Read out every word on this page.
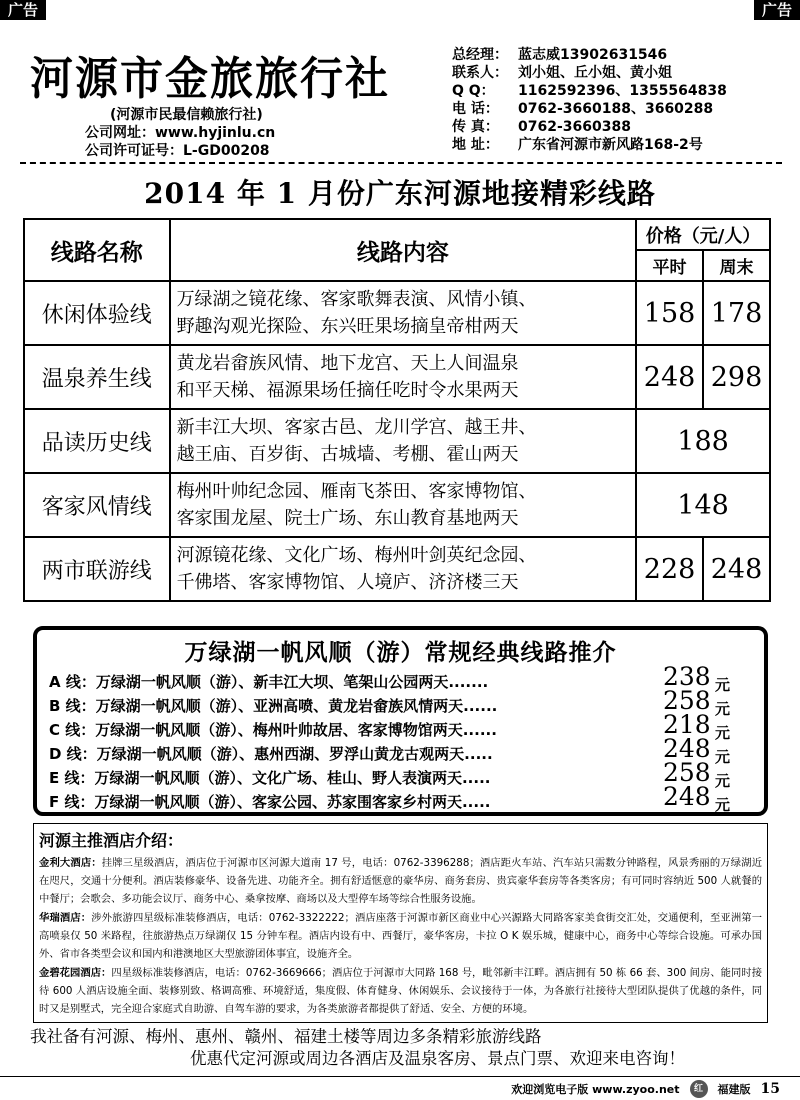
广告	广告
河源市金旅旅行社
(河源市民最信赖旅行社)
公司网址：www.hyjinlu.cn
公司许可证号：L-GD00208
总经理： 蓝志威13902631546
联系人： 刘小姐、丘小姐、黄小姐
Q Q：	1162592396、1355564838
电 话：	0762-3660188、3660288
传 真：	0762-3660388
地 址：	广东省河源市新风路168-2号
2014 年 1 月份广东河源地接精彩线路
线路名称	线路内容	价格（元/人）	
		平时	周末
休闲体验线	万绿湖之镜花缘、客家歌舞表演、风情小镇、
野趣沟观光探险、东兴旺果场摘皇帝柑两天	158	178
温泉养生线	黄龙岩畲族风情、地下龙宫、天上人间温泉
和平天梯、福源果场任摘任吃时令水果两天	248	298
品读历史线	新丰江大坝、客家古邑、龙川学宫、越王井、
越王庙、百岁街、古城墙、考棚、霍山两天	188	
客家风情线	梅州叶帅纪念园、雁南飞茶田、客家博物馆、
客家围龙屋、院士广场、东山教育基地两天	148	
两市联游线	河源镜花缘、文化广场、梅州叶剑英纪念园、
千佛塔、客家博物馆、人境庐、济济楼三天	228	248
万绿湖一帆风顺（游）常规经典线路推介
A 线：万绿湖一帆风顺（游）、新丰江大坝、笔架山公园两天.......	238 元
B 线：万绿湖一帆风顺（游）、亚洲高喷、黄龙岩畲族风情两天......	258 元
C 线：万绿湖一帆风顺（游）、梅州叶帅故居、客家博物馆两天......	218 元
D 线：万绿湖一帆风顺（游）、惠州西湖、罗浮山黄龙古观两天.....	248 元
E 线：万绿湖一帆风顺（游）、文化广场、桂山、野人表演两天.....	258 元
F 线：万绿湖一帆风顺（游）、客家公园、苏家围客家乡村两天.....	248 元
河源主推酒店介绍：

金利大酒店：挂牌三星级酒店，酒店位于河源市区河源大道南 17 号，电话：0762-3396288；酒店距火车站、汽车站只需数分钟路程，风景秀丽的万绿湖近在咫尺，交通十分便利。酒店装修豪华、设备先进、功能齐全。拥有舒适惬意的豪华房、商务套房、贵宾豪华套房等各类客房；有可同时容纳近 500 人就餐的中餐厅；会歌会、多功能会议厅、商务中心、桑拿按摩、商场以及大型停车场等综合性服务设施。

华瑞酒店：涉外旅游四星级标准装修酒店，电话：0762-3322222；酒店座落于河源市新区商业中心兴源路大同路客家美食街交汇处，交通便利，至亚洲第一高喷泉仅 50 米路程，往旅游热点万绿湖仅 15 分钟车程。酒店内设有中、西餐厅，豪华客房，卡拉 O K 娱乐城，健康中心，商务中心等综合设施。可承办国外、省市各类型会议和国内和港澳地区大型旅游团体事宜，设施齐全。

金碧花园酒店：四星级标准装修酒店，电话：0762-3669666；酒店位于河源市大同路 168 号，毗邻新丰江畔。酒店拥有 50 栋 66 套、300 间房、能同时接待 600 人酒店设施全面、装修别致、格调高雅、环境舒适，集度假、体育健身、休闲娱乐、会议接待于一体，为各旅行社接待大型团队提供了优越的条件，同时又是别墅式，完全迎合家庭式自助游、自驾车游的要求，为各类旅游者都提供了舒适、安全、方便的环境。

我社备有河源、梅州、惠州、赣州、福建土楼等周边多条精彩旅游线路
优惠代定河源或周边各酒店及温泉客房、景点门票、欢迎来电咨询！
欢迎浏览电子版 www.zyoo.net	红	福建版 15
